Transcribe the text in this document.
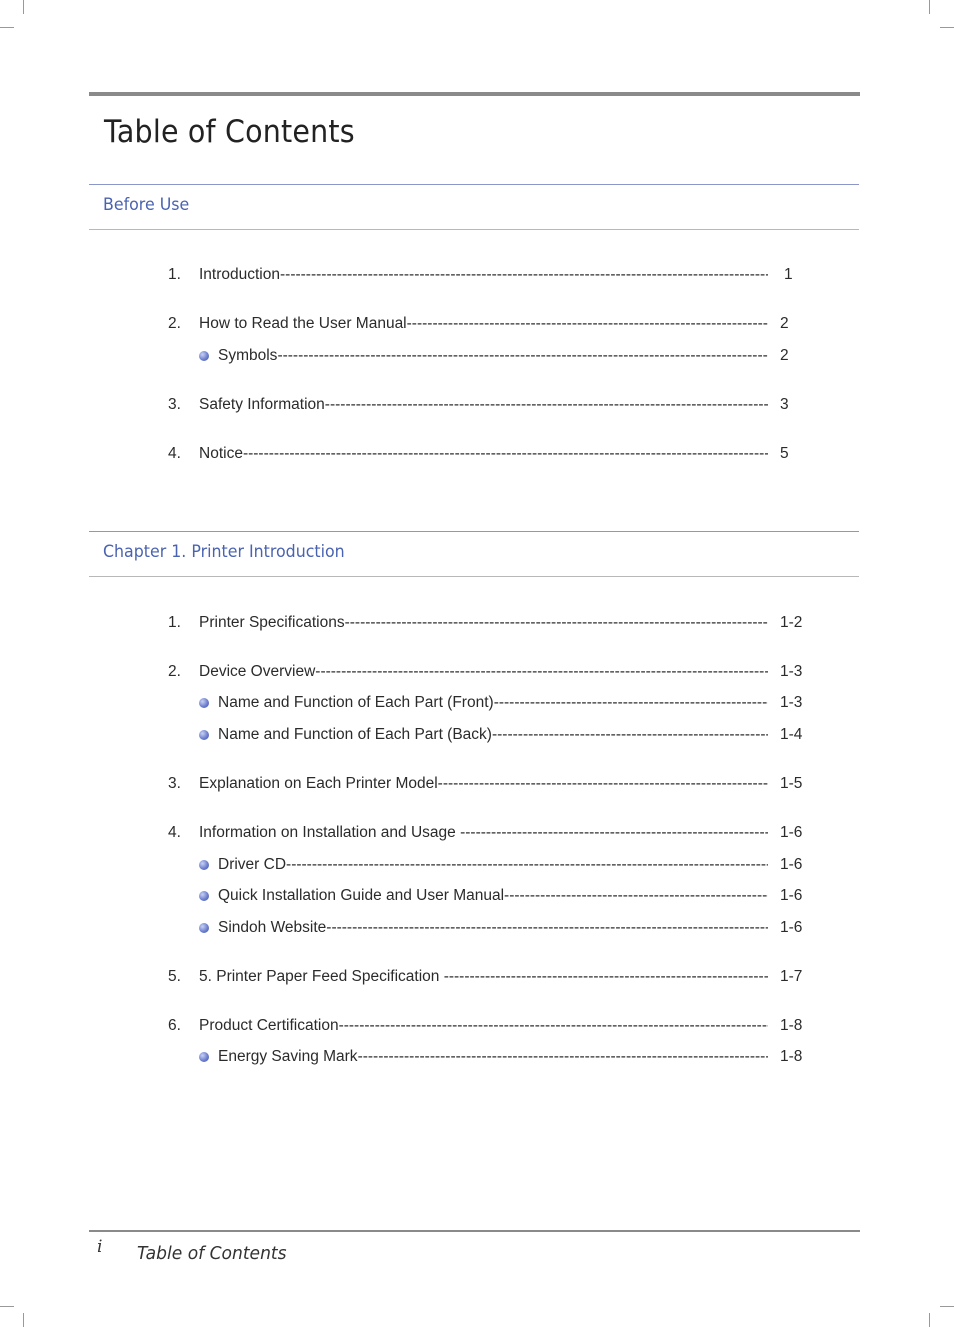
Table of Contents
Before Use
1. Introduction -----	1
2. How to Read the User Manual -----	2
Symbols -----	2
3. Safety Information -----	3
4. Notice -----	5
Chapter 1. Printer Introduction
1. Printer Specifications -----	1-2
2. Device Overview -----	1-3
Name and Function of Each Part (Front) -----	1-3
Name and Function of Each Part (Back) -----	1-4
3. Explanation on Each Printer Model -----	1-5
4. Information on Installation and Usage -----	1-6
Driver CD -----	1-6
Quick Installation Guide and User Manual -----	1-6
Sindoh Website -----	1-6
5. 5. Printer Paper Feed Specification -----	1-7
6. Product Certification -----	1-8
Energy Saving Mark -----	1-8
i Table of Contents
